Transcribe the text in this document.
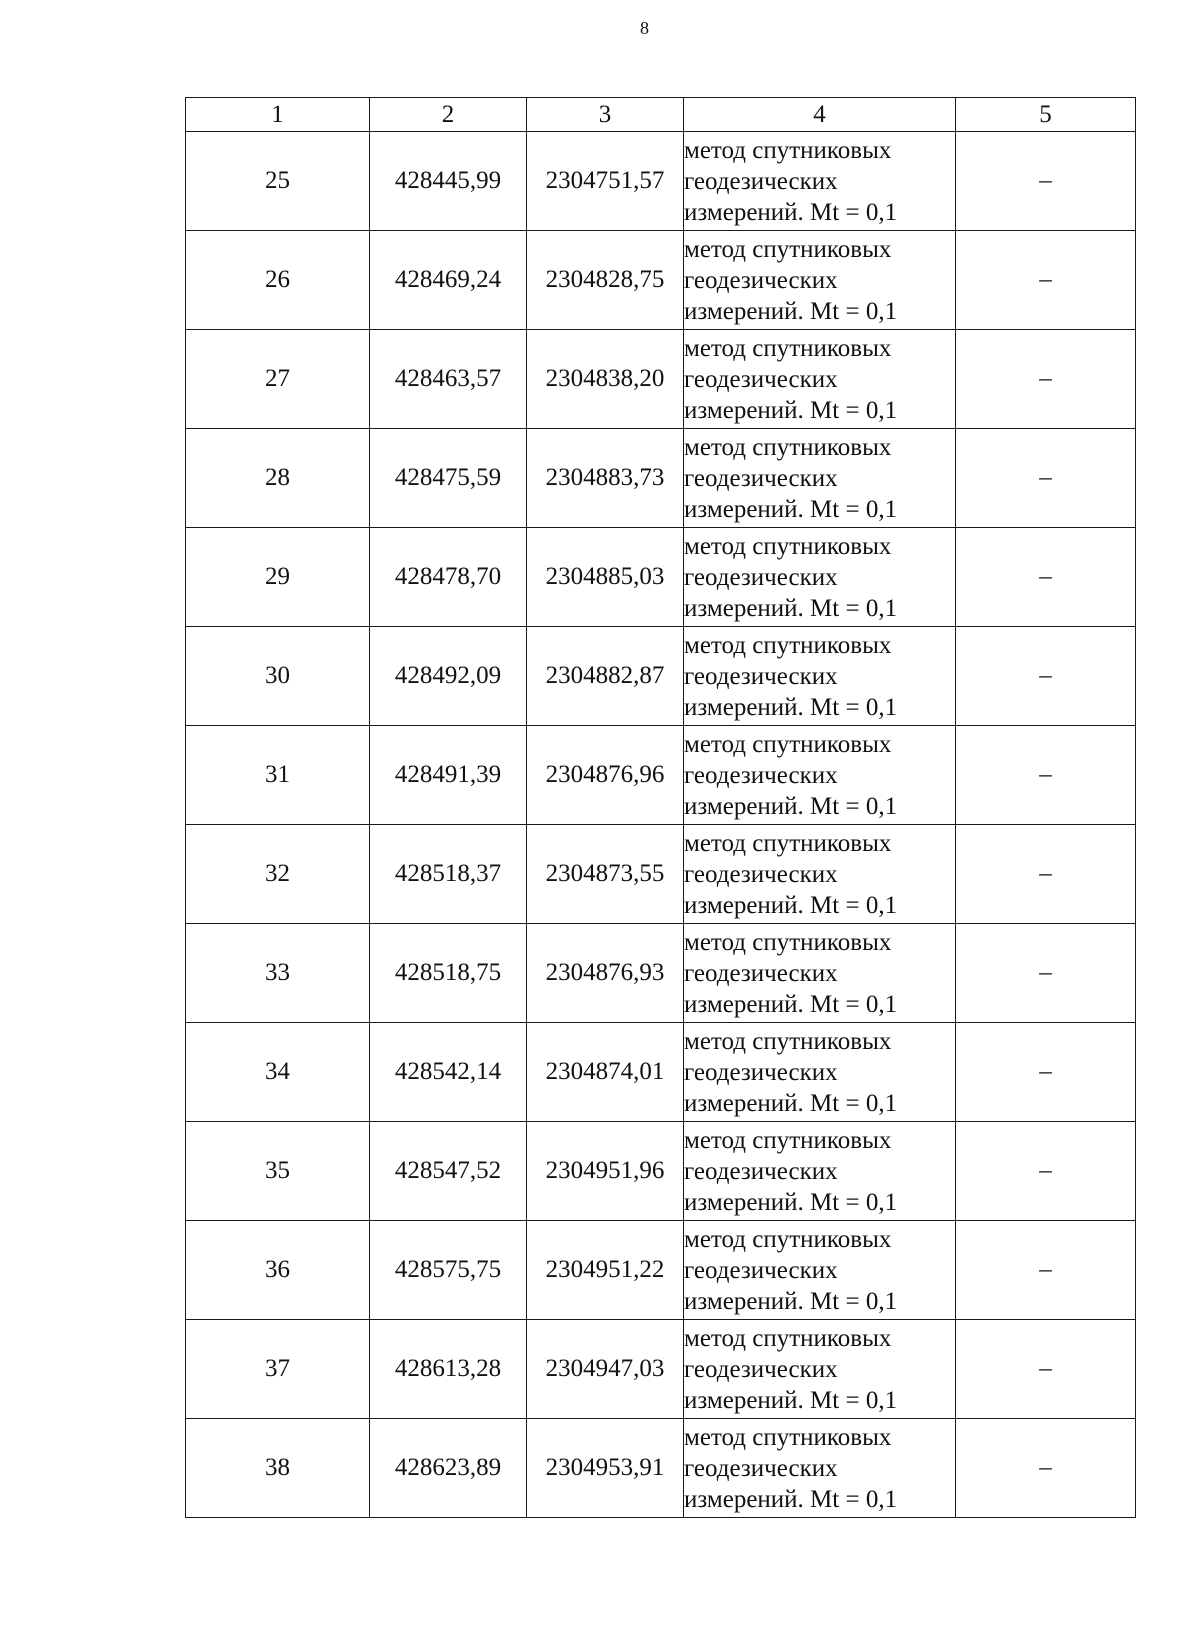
8
1	2	3	4	5
25	428445,99	2304751,57	метод спутниковых
геодезических
измерений. Mt = 0,1	–
26	428469,24	2304828,75	метод спутниковых
геодезических
измерений. Mt = 0,1	–
27	428463,57	2304838,20	метод спутниковых
геодезических
измерений. Mt = 0,1	–
28	428475,59	2304883,73	метод спутниковых
геодезических
измерений. Mt = 0,1	–
29	428478,70	2304885,03	метод спутниковых
геодезических
измерений. Mt = 0,1	–
30	428492,09	2304882,87	метод спутниковых
геодезических
измерений. Mt = 0,1	–
31	428491,39	2304876,96	метод спутниковых
геодезических
измерений. Mt = 0,1	–
32	428518,37	2304873,55	метод спутниковых
геодезических
измерений. Mt = 0,1	–
33	428518,75	2304876,93	метод спутниковых
геодезических
измерений. Mt = 0,1	–
34	428542,14	2304874,01	метод спутниковых
геодезических
измерений. Mt = 0,1	–
35	428547,52	2304951,96	метод спутниковых
геодезических
измерений. Mt = 0,1	–
36	428575,75	2304951,22	метод спутниковых
геодезических
измерений. Mt = 0,1	–
37	428613,28	2304947,03	метод спутниковых
геодезических
измерений. Mt = 0,1	–
38	428623,89	2304953,91	метод спутниковых
геодезических
измерений. Mt = 0,1	–
